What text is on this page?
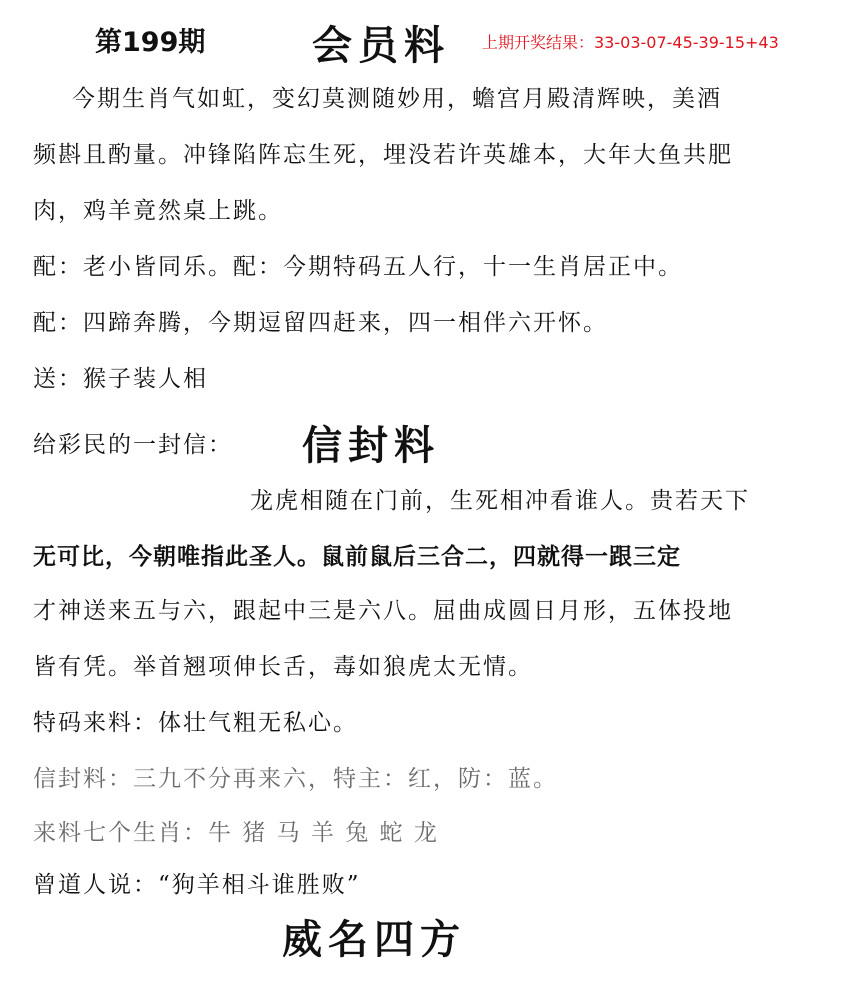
第199期	会员料 上期开奖结果：33-03-07-45-39-15+43
今期生肖气如虹，变幻莫测随妙用，蟾宫月殿清辉映，美酒
频斟且酌量。冲锋陷阵忘生死，埋没若许英雄本，大年大鱼共肥
肉，鸡羊竟然桌上跳。
配：老小皆同乐。配：今期特码五人行，十一生肖居正中。
配：四蹄奔腾，今期逗留四赶来，四一相伴六开怀。
送：猴子装人相
给彩民的一封信： 信封料
龙虎相随在门前，生死相冲看谁人。贵若天下
无可比，今朝唯指此圣人。鼠前鼠后三合二，四就得一跟三定
才神送来五与六，跟起中三是六八。屈曲成圆日月形，五体投地
皆有凭。举首翘项伸长舌，毒如狼虎太无情。
特码来料：体壮气粗无私心。
信封料：三九不分再来六，特主：红，防：蓝。
来料七个生肖：牛 猪 马 羊 兔 蛇 龙
曾道人说：“狗羊相斗谁胜败”
威名四方
